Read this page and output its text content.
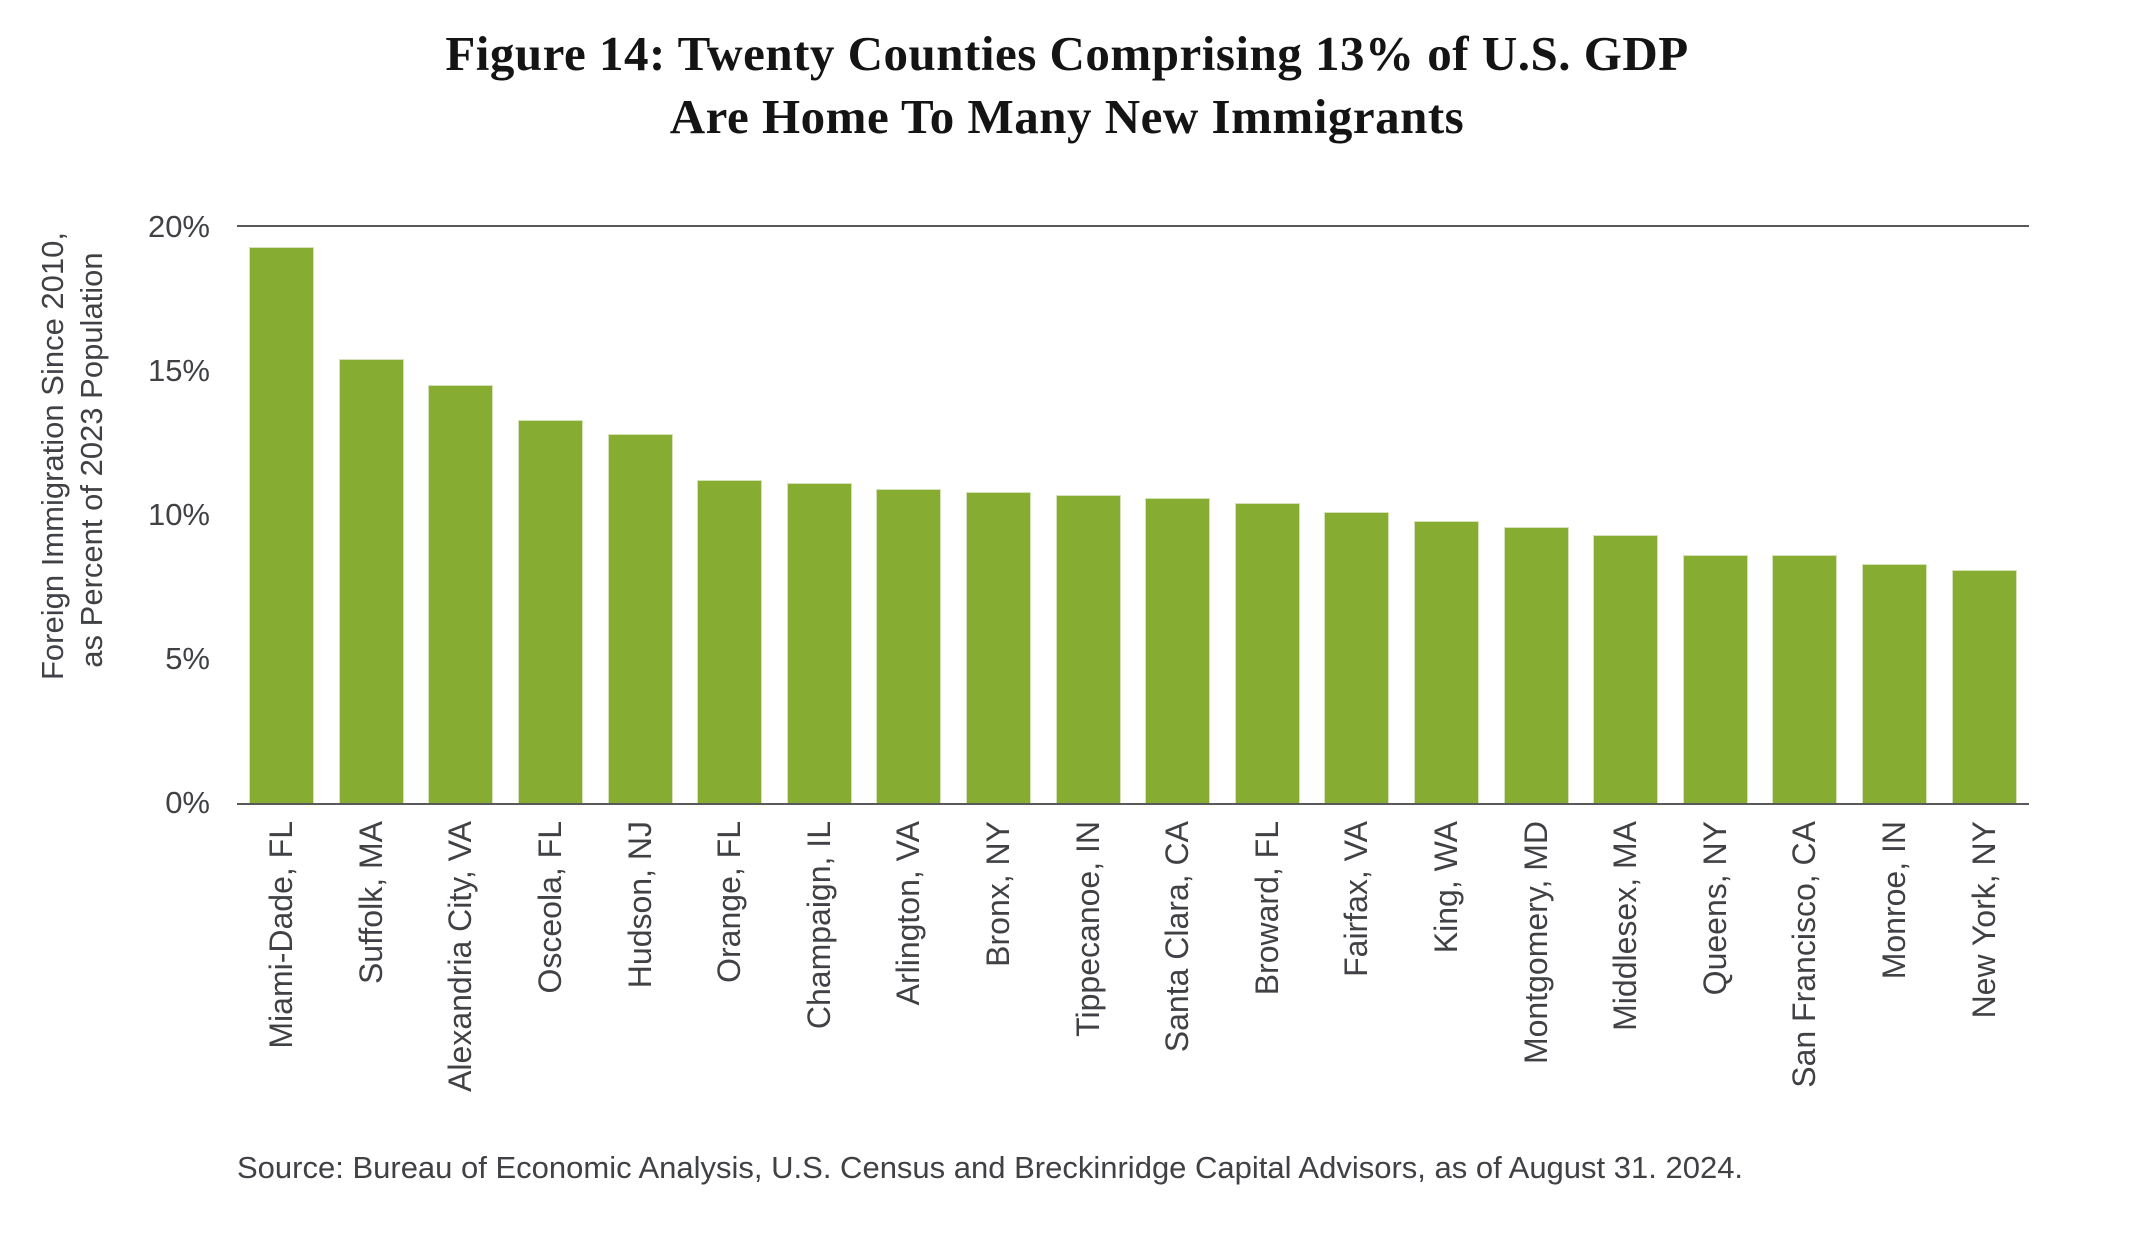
Figure 14: Twenty Counties Comprising 13% of U.S. GDP
Are Home To Many New Immigrants
Foreign Immigration Since 2010, as Percent of 2023 Population
20%
15%
10%
5%
0%
Miami-Dade, FL Suffolk, MA Alexandria City, VA Osceola, FL Hudson, NJ Orange, FL Champaign, IL Arlington, VA Bronx, NY Tippecanoe, IN Santa Clara, CA Broward, FL Fairfax, VA King, WA Montgomery, MD Middlesex, MA Queens, NY San Francisco, CA Monroe, IN New York, NY
Source: Bureau of Economic Analysis, U.S. Census and Breckinridge Capital Advisors, as of August 31. 2024.
